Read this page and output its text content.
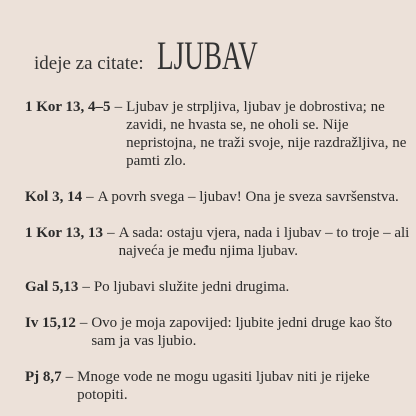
ideje za citate: LJUBAV
1 Kor 13, 4–5 – Ljubav je strpljiva, ljubav je dobrostiva; ne
zavidi, ne hvasta se, ne oholi se. Nije
nepristojna, ne traži svoje, nije razdražljiva, ne
pamti zlo.
Kol 3, 14 – A povrh svega – ljubav! Ona je sveza savršenstva.
1 Kor 13, 13 – A sada: ostaju vjera, nada i ljubav – to troje – ali
najveća je među njima ljubav.
Gal 5,13 – Po ljubavi služite jedni drugima.
Iv 15,12 – Ovo je moja zapovijed: ljubite jedni druge kao što
sam ja vas ljubio.
Pj 8,7 – Mnoge vode ne mogu ugasiti ljubav niti je rijeke
potopiti.
